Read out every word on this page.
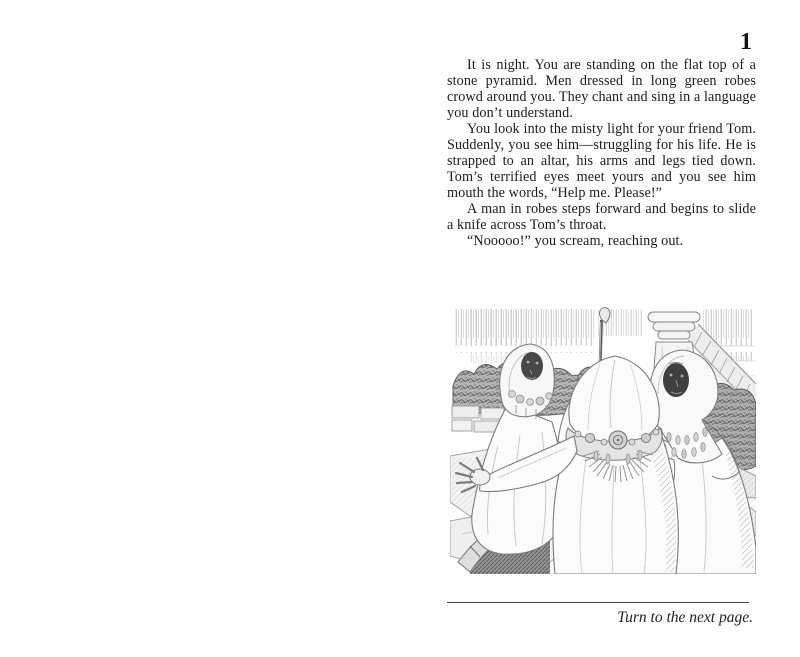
1

It is night. You are standing on the flat top of a stone pyramid. Men dressed in long green robes crowd around you. They chant and sing in a language you don’t understand.

You look into the misty light for your friend Tom. Suddenly, you see him—struggling for his life. He is strapped to an altar, his arms and legs tied down. Tom’s terrified eyes meet yours and you see him mouth the words, “Help me. Please!”

A man in robes steps forward and begins to slide a knife across Tom’s throat.

“Nooooo!” you scream, reaching out.

Turn to the next page.
